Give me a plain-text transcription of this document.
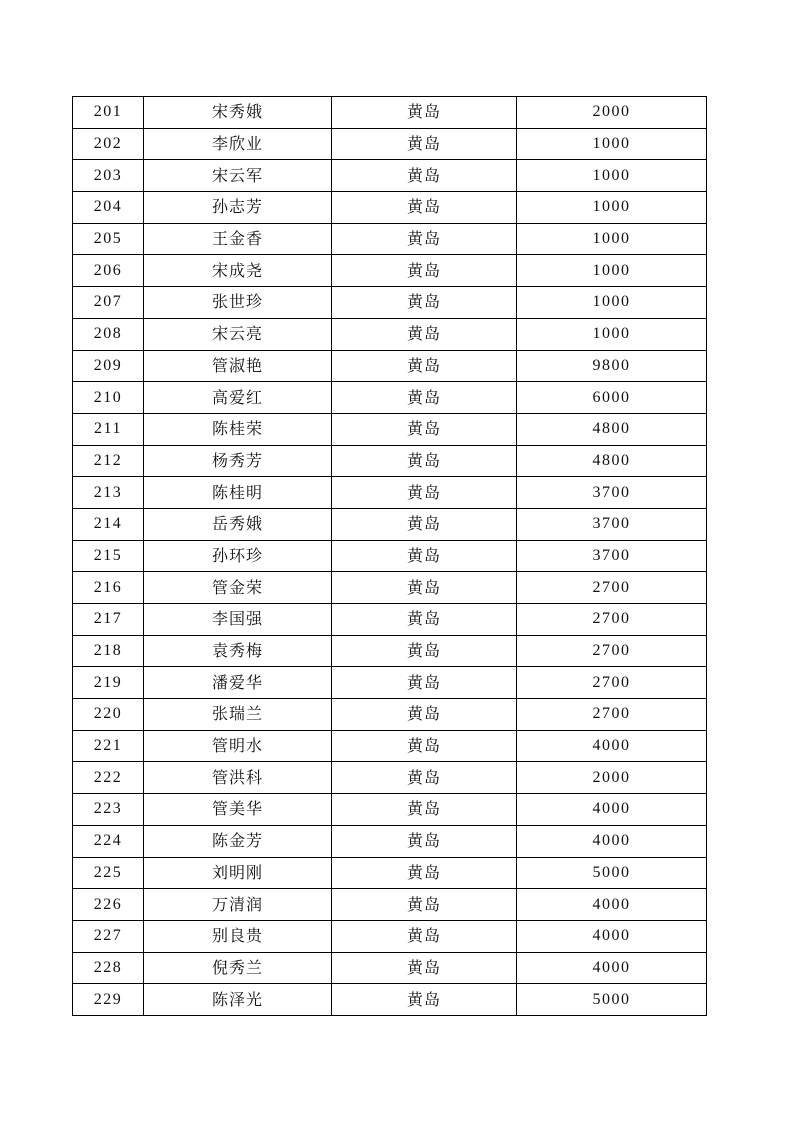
201	宋秀娥	黄岛	2000
202	李欣业	黄岛	1000
203	宋云军	黄岛	1000
204	孙志芳	黄岛	1000
205	王金香	黄岛	1000
206	宋成尧	黄岛	1000
207	张世珍	黄岛	1000
208	宋云亮	黄岛	1000
209	管淑艳	黄岛	9800
210	高爱红	黄岛	6000
211	陈桂荣	黄岛	4800
212	杨秀芳	黄岛	4800
213	陈桂明	黄岛	3700
214	岳秀娥	黄岛	3700
215	孙环珍	黄岛	3700
216	管金荣	黄岛	2700
217	李国强	黄岛	2700
218	袁秀梅	黄岛	2700
219	潘爱华	黄岛	2700
220	张瑞兰	黄岛	2700
221	管明水	黄岛	4000
222	管洪科	黄岛	2000
223	管美华	黄岛	4000
224	陈金芳	黄岛	4000
225	刘明刚	黄岛	5000
226	万清润	黄岛	4000
227	别良贵	黄岛	4000
228	倪秀兰	黄岛	4000
229	陈泽光	黄岛	5000
